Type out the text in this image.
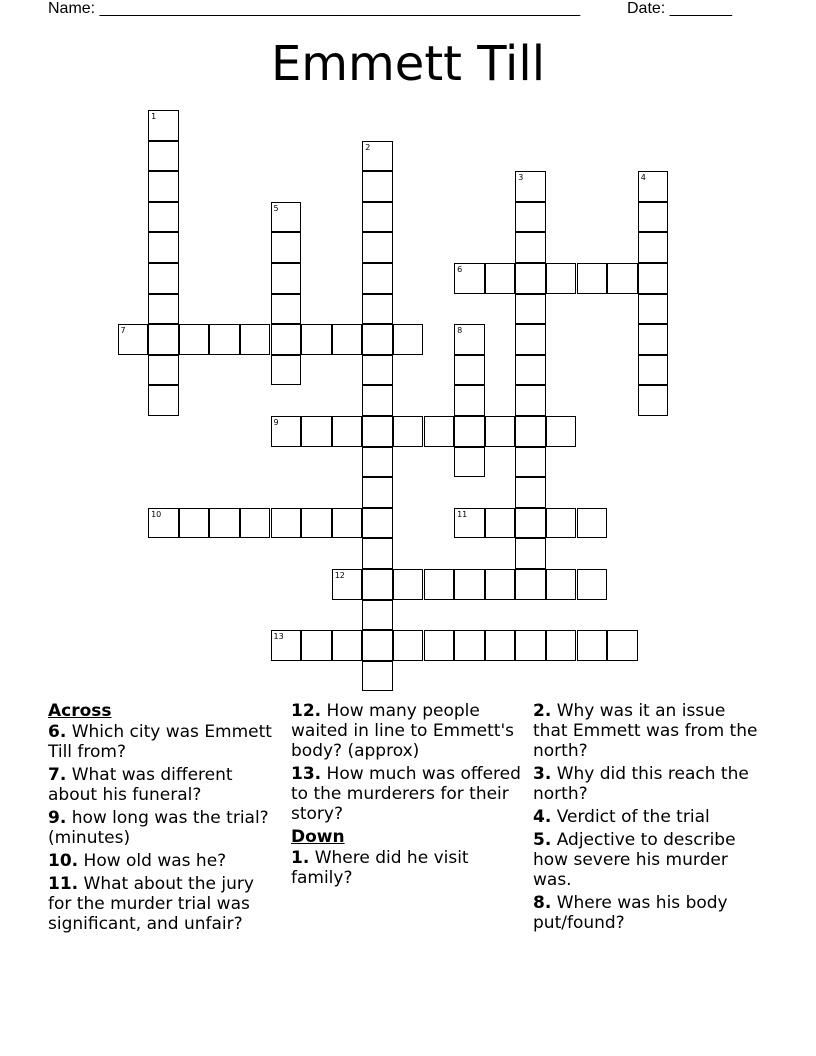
Name: ______________________________________________________	Date: _______
Emmett Till
6
7
9
10	11
12
13
1
2
3	4
5
8
Across
6. Which city was Emmett Till from?
7. What was different about his funeral?
9. how long was the trial? (minutes)
10. How old was he?
11. What about the jury for the murder trial was significant, and unfair?
12. How many people waited in line to Emmett's body? (approx)
13. How much was offered to the murderers for their story?
Down
1. Where did he visit family?
2. Why was it an issue that Emmett was from the north?
3. Why did this reach the north?
4. Verdict of the trial
5. Adjective to describe how severe his murder was.
8. Where was his body put/found?
